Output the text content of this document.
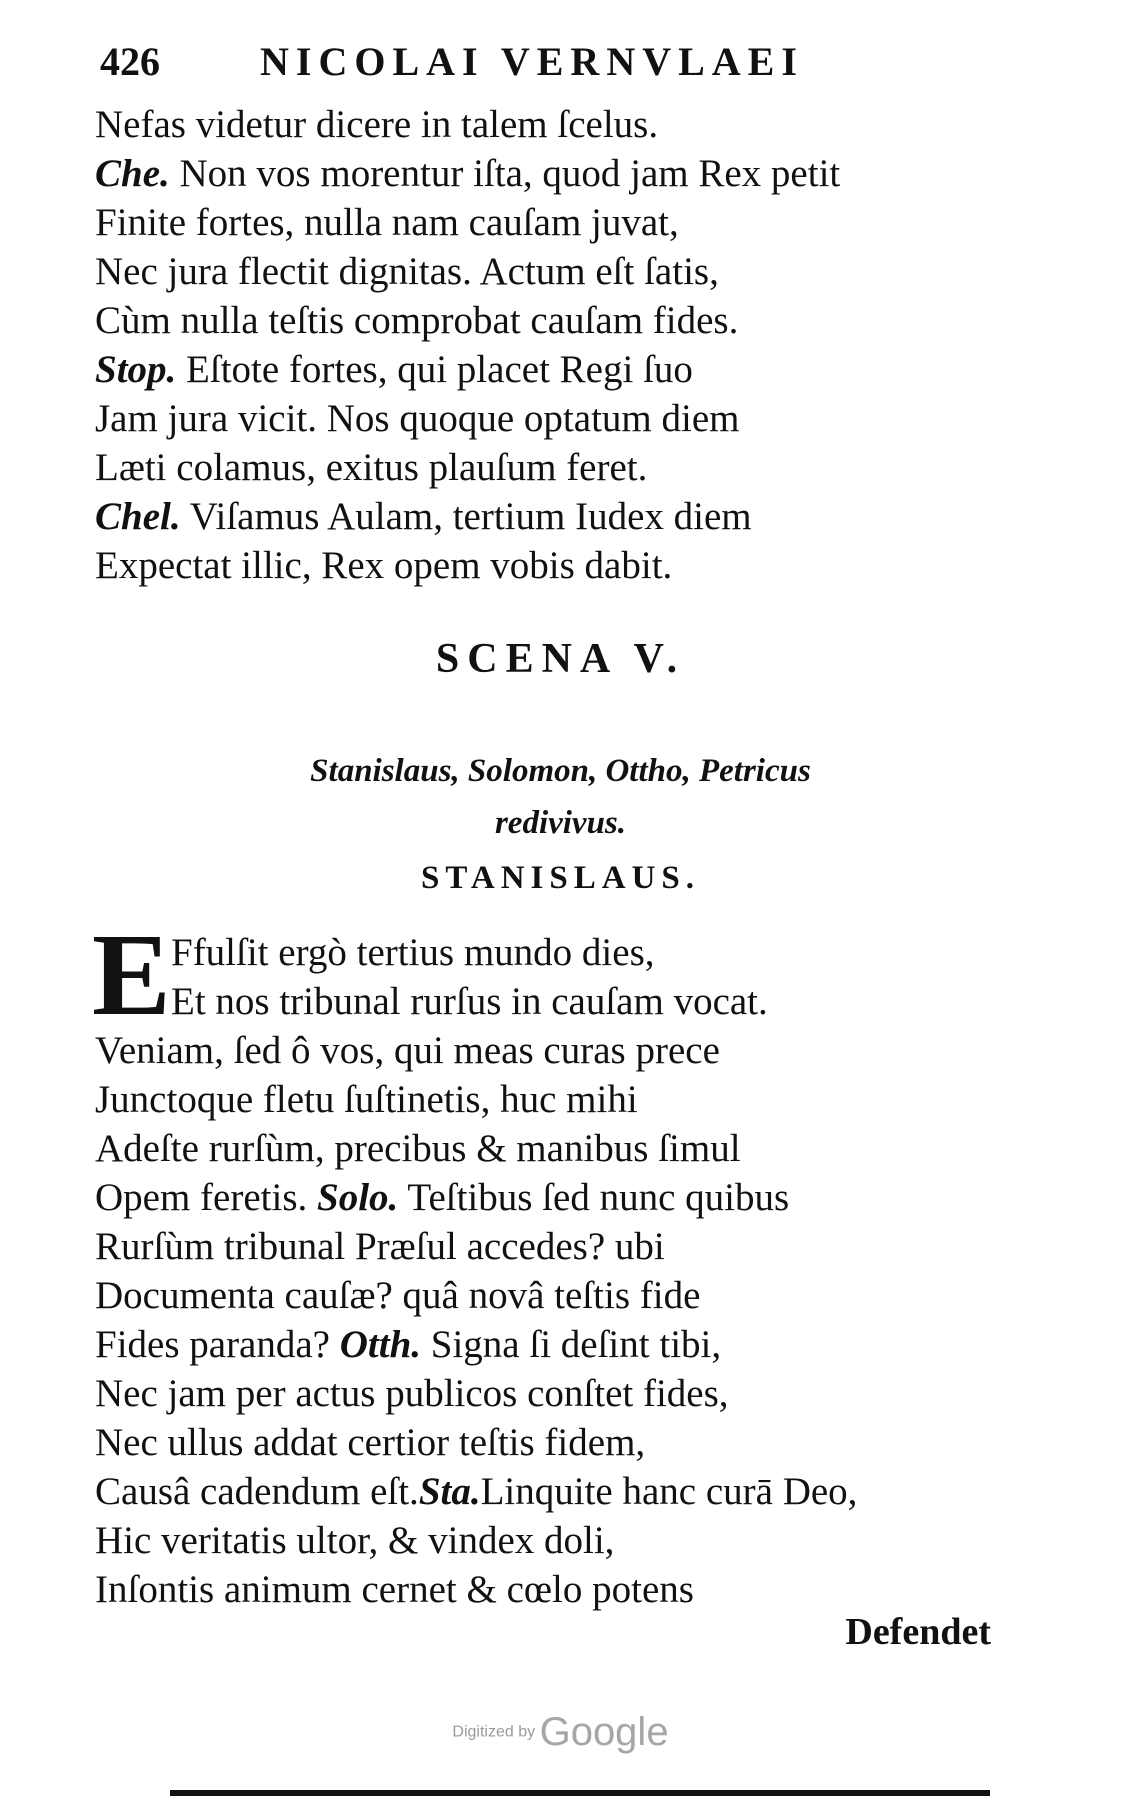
426	NICOLAI VERNVLAEI
Nefas videtur dicere in talem ſcelus.
Che. Non vos morentur iſta, quod jam Rex petit
Finite fortes, nulla nam cauſam juvat,
Nec jura flectit dignitas. Actum eſt ſatis,
Cùm nulla teſtis comprobat cauſam fides.
Stop. Eſtote fortes, qui placet Regi ſuo
Jam jura vicit. Nos quoque optatum diem
Læti colamus, exitus plauſum feret.
Chel. Viſamus Aulam, tertium Iudex diem
Expectat illic, Rex opem vobis dabit.
SCENA V.
Stanislaus, Solomon, Ottho, Petricus
redivivus.
STANISLAUS.
E Ffulſit ergò tertius mundo dies,
Et nos tribunal rurſus in cauſam vocat.
Veniam, ſed ô vos, qui meas curas prece
Junctoque fletu ſuſtinetis, huc mihi
Adeſte rurſùm, precibus & manibus ſimul
Opem feretis. Solo. Teſtibus ſed nunc quibus
Rurſùm tribunal Præſul accedes? ubi
Documenta cauſæ? quâ novâ teſtis fide
Fides paranda? Otth. Signa ſi deſint tibi,
Nec jam per actus publicos conſtet fides,
Nec ullus addat certior teſtis fidem,
Causâ cadendum eſt.Sta.Linquite hanc curā Deo,
Hic veritatis ultor, & vindex doli,
Inſontis animum cernet & cœlo potens
Defendet
Digitized by Google
